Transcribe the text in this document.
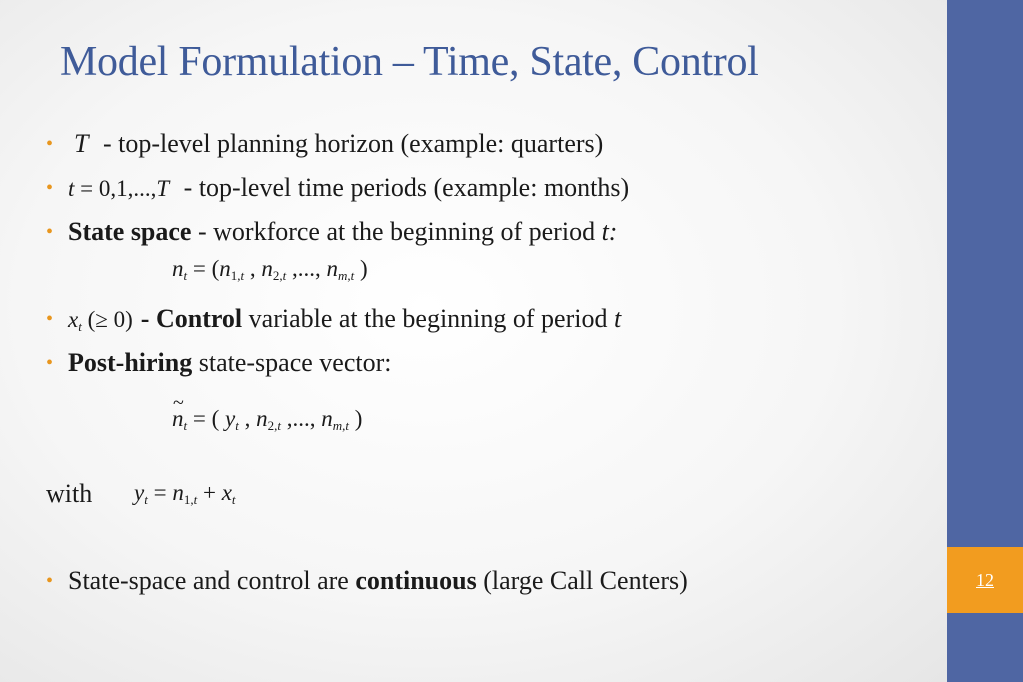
12
Model Formulation – Time, State, Control
• T - top-level planning horizon (example: quarters)
• t = 0,1,...,T - top-level time periods (example: months)
• State space - workforce at the beginning of period t:
$n_t = (n_{1,t}$ , $n_{2,t}$ ,..., $n_{m,t}$ )
• $x_t$ (≥ 0) - Control variable at the beginning of period t
• Post-hiring state-space vector:
~ $n_t$ = ( $y_t$ , $n_{2,t}$ ,..., $n_{m,t}$ )
with $y_t = n_{1,t} + x_t$
• State-space and control are continuous (large Call Centers)
